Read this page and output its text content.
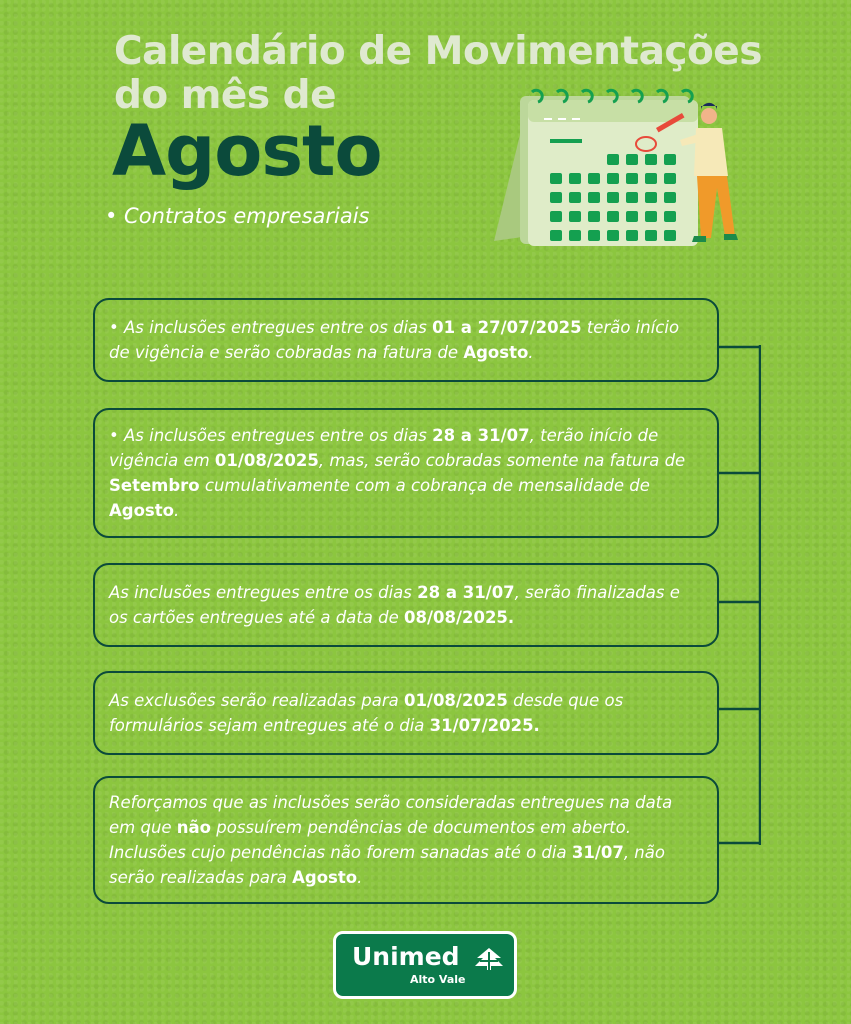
Calendário de Movimentações
do mês de
Agosto
• Contratos empresariais

• As inclusões entregues entre os dias 01 a 27/07/2025 terão início de vigência e serão cobradas na fatura de Agosto.

• As inclusões entregues entre os dias 28 a 31/07, terão início de vigência em 01/08/2025, mas, serão cobradas somente na fatura de Setembro cumulativamente com a cobrança de mensalidade de Agosto.

As inclusões entregues entre os dias 28 a 31/07, serão finalizadas e os cartões entregues até a data de 08/08/2025.

As exclusões serão realizadas para 01/08/2025 desde que os formulários sejam entregues até o dia 31/07/2025.

Reforçamos que as inclusões serão consideradas entregues na data em que não possuírem pendências de documentos em aberto. Inclusões cujo pendências não forem sanadas até o dia 31/07, não serão realizadas para Agosto.

Unimed
Alto Vale
